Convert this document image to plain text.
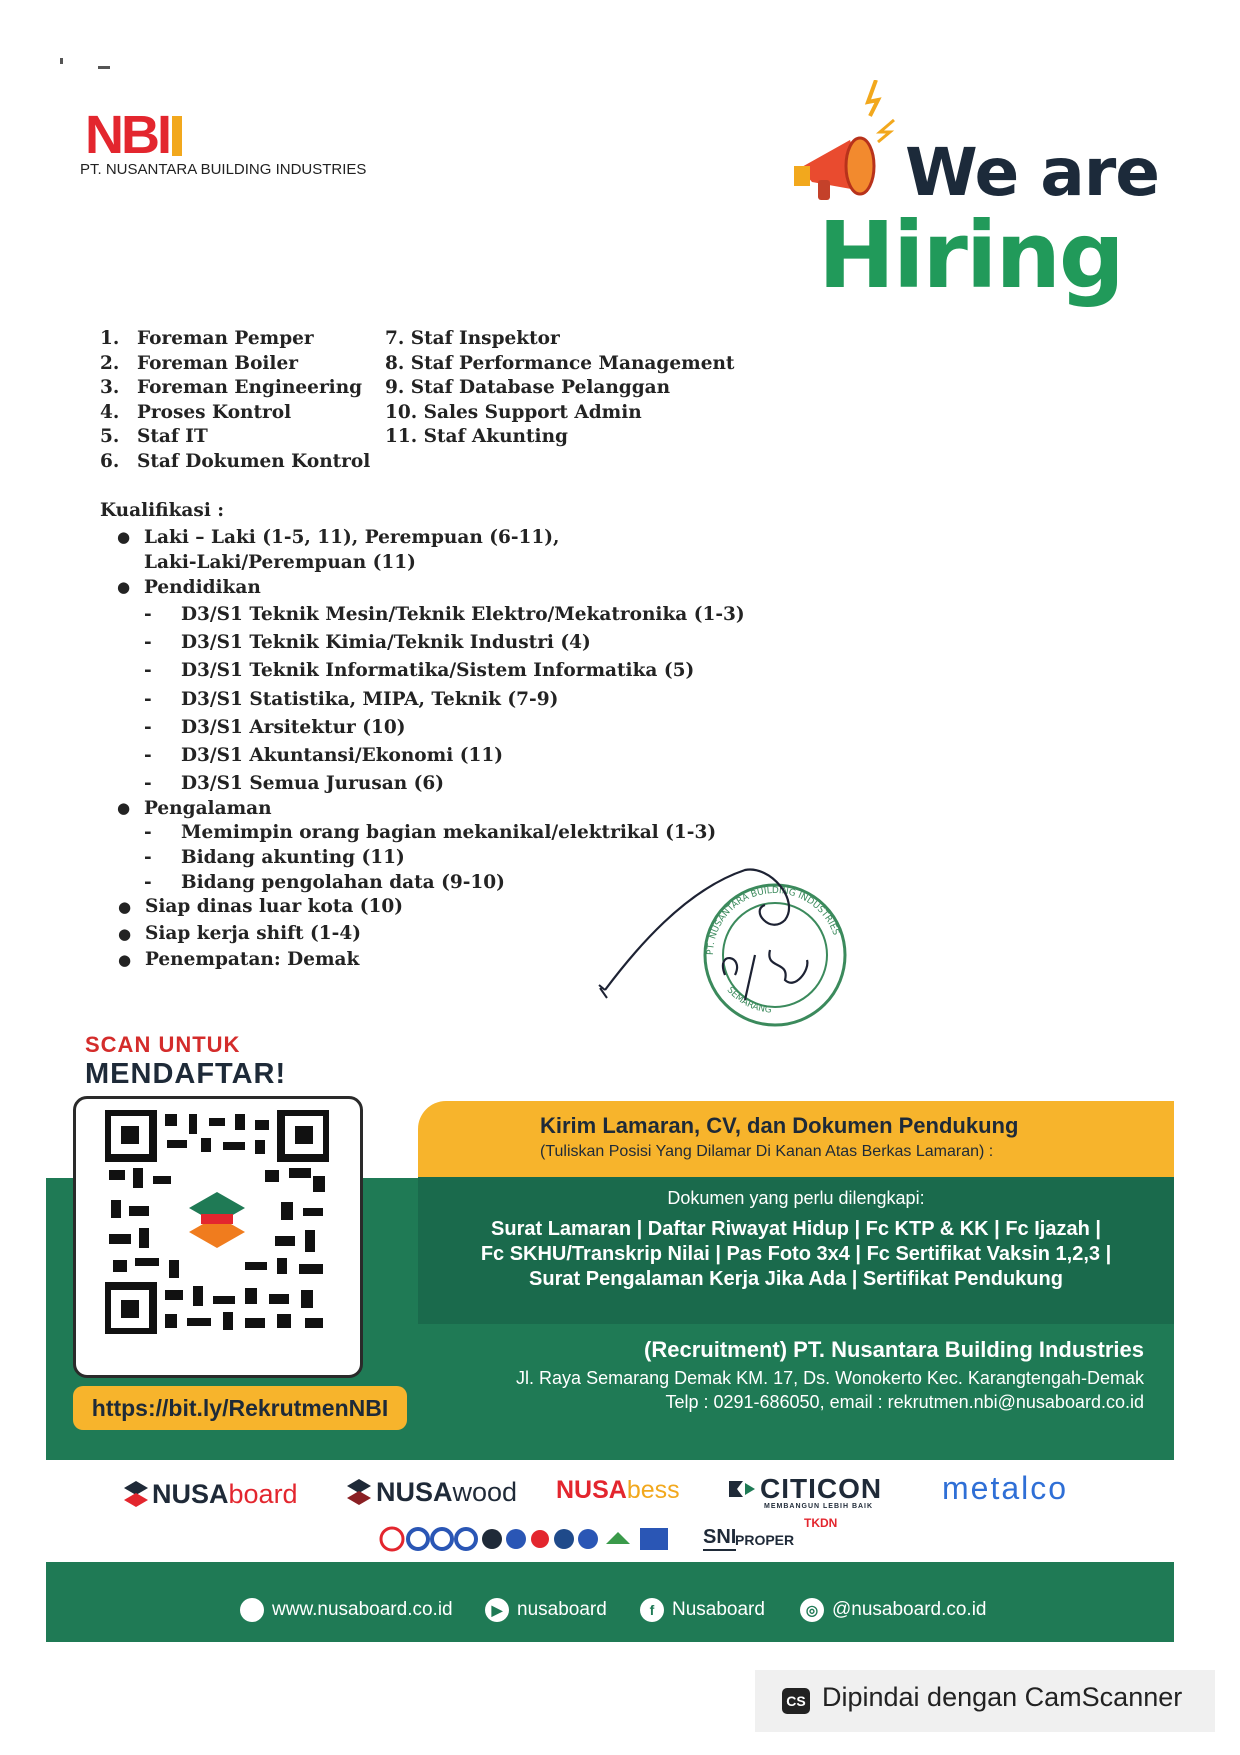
NBI
PT. NUSANTARA BUILDING INDUSTRIES	We are
Hiring
1. Foreman Pemper
2. Foreman Boiler
3. Foreman Engineering
4. Proses Kontrol
5. Staf IT
6. Staf Dokumen Kontrol
7. Staf Inspektor
8. Staf Performance Management
9. Staf Database Pelanggan
10. Sales Support Admin
11. Staf Akunting
Kualifikasi :
● Laki – Laki (1-5, 11), Perempuan (6-11),
Laki-Laki/Perempuan (11)
● Pendidikan
- D3/S1 Teknik Mesin/Teknik Elektro/Mekatronika (1-3)
- D3/S1 Teknik Kimia/Teknik Industri (4)
- D3/S1 Teknik Informatika/Sistem Informatika (5)
- D3/S1 Statistika, MIPA, Teknik (7-9)
- D3/S1 Arsitektur (10)
- D3/S1 Akuntansi/Ekonomi (11)
- D3/S1 Semua Jurusan (6)
● Pengalaman
- Memimpin orang bagian mekanikal/elektrikal (1-3)
- Bidang akunting (11)
- Bidang pengolahan data (9-10)
● Siap dinas luar kota (10)
● Siap kerja shift (1-4)
● Penempatan: Demak	PT. NUSANTARA BUILDING INDUSTRIES
SEMARANG
SCAN UNTUK
MENDAFTAR!
https://bit.ly/RekrutmenNBI
Kirim Lamaran, CV, dan Dokumen Pendukung
(Tuliskan Posisi Yang Dilamar Di Kanan Atas Berkas Lamaran) :
Dokumen yang perlu dilengkapi:
Surat Lamaran | Daftar Riwayat Hidup | Fc KTP & KK | Fc Ijazah |
Fc SKHU/Transkrip Nilai | Pas Foto 3x4 | Fc Sertifikat Vaksin 1,2,3 |
Surat Pengalaman Kerja Jika Ada | Sertifikat Pendukung
(Recruitment) PT. Nusantara Building Industries
Jl. Raya Semarang Demak KM. 17, Ds. Wonokerto Kec. Karangtengah-Demak
Telp : 0291-686050, email : rekrutmen.nbi@nusaboard.co.id
NUSAboard	NUSAwood NUSAbess	CITICON
MEMBANGUN LEBIH BAIK
metalco
SNI
PROPER
TKDN
www.nusaboard.co.id	▶ nusaboard	f Nusaboard	◎ @nusaboard.co.id
CS Dipindai dengan CamScanner
